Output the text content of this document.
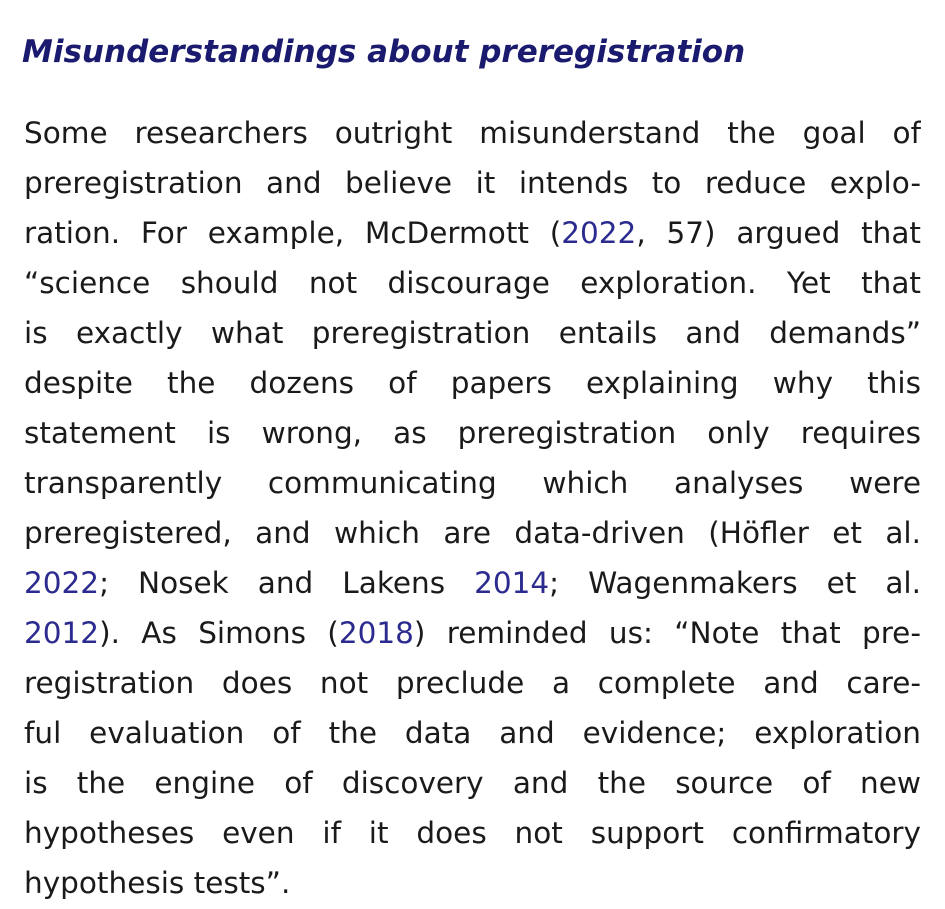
Misunderstandings about preregistration
Some researchers outright misunderstand the goal of
preregistration and believe it intends to reduce explo-
ration. For example, McDermott (2022, 57) argued that
“science should not discourage exploration. Yet that
is exactly what preregistration entails and demands”
despite the dozens of papers explaining why this
statement is wrong, as preregistration only requires
transparently communicating which analyses were
preregistered, and which are data-driven (Höfler et al.
2022; Nosek and Lakens 2014; Wagenmakers et al.
2012). As Simons (2018) reminded us: “Note that pre-
registration does not preclude a complete and care-
ful evaluation of the data and evidence; exploration
is the engine of discovery and the source of new
hypotheses even if it does not support confirmatory
hypothesis tests”.
